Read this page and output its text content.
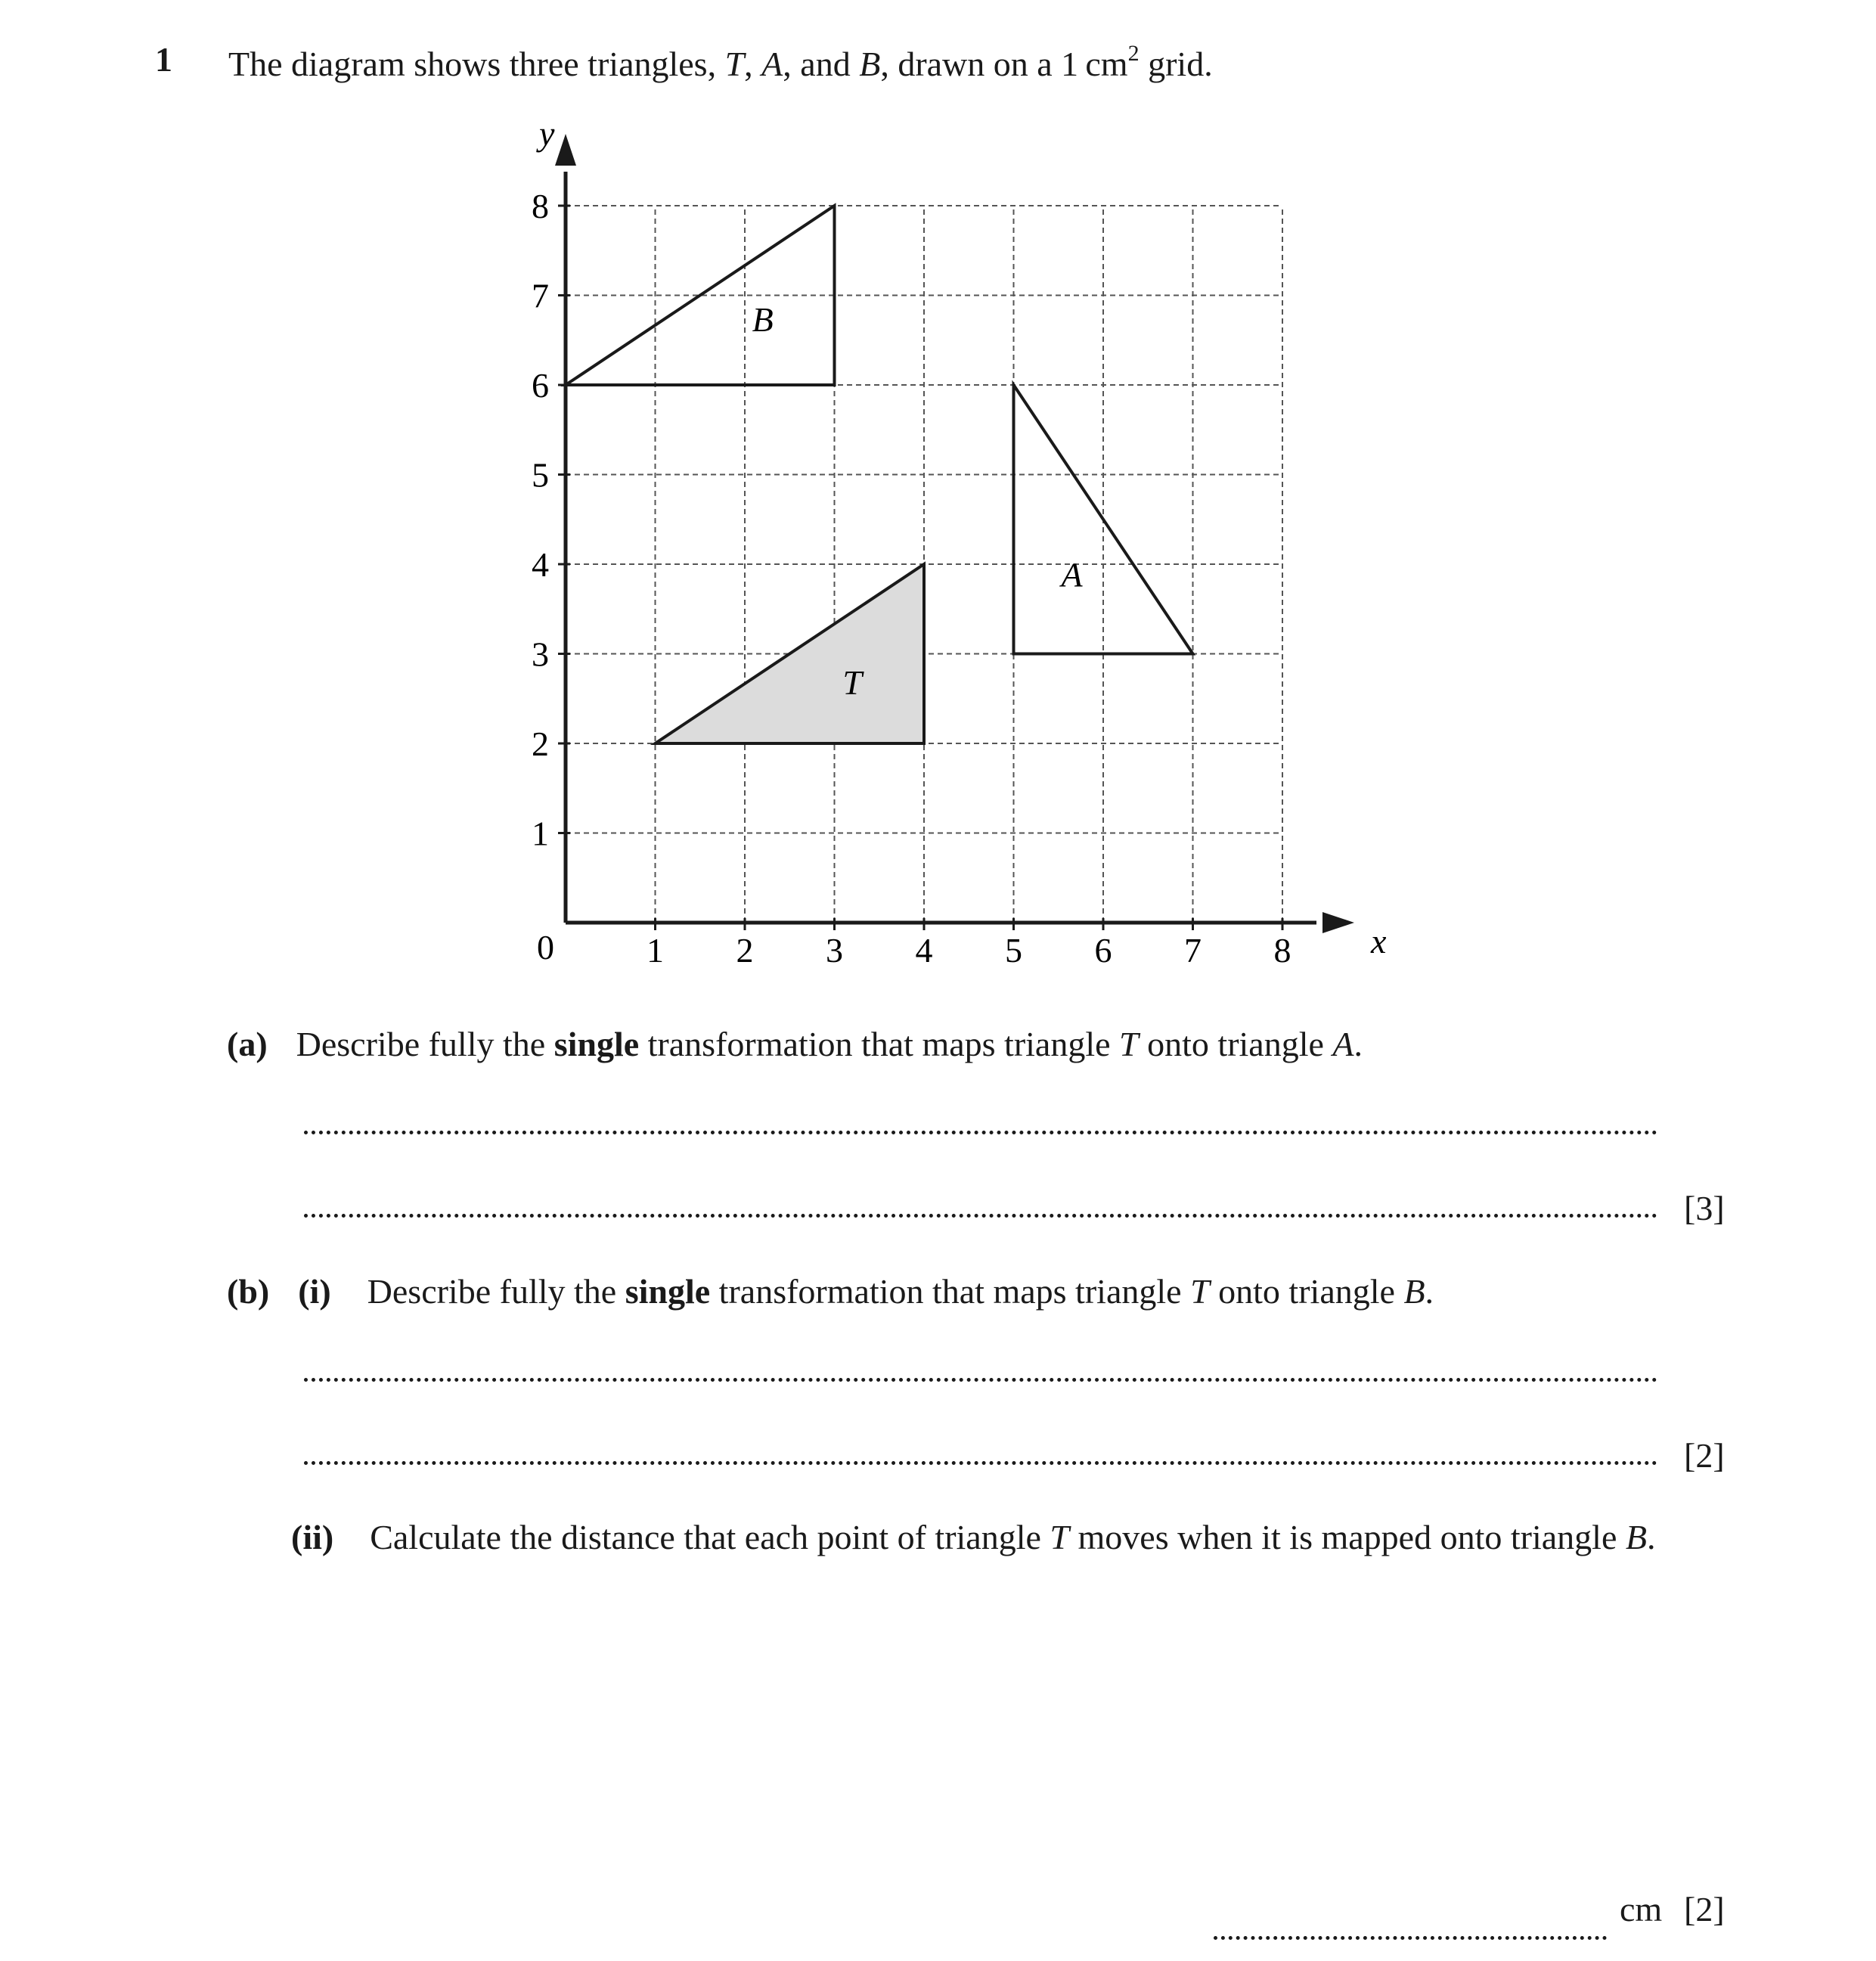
1 The diagram shows three triangles, T, A, and B, drawn on a 1 $cm^2$ grid.
B
A
T
x
y
0	1 2 3 4 5 6 7 8
1
2
3
4
5
6
7
8
(a) Describe fully the single transformation that maps triangle T onto triangle A.
[3]
(b) (i) Describe fully the single transformation that maps triangle T onto triangle B.
[2]
(ii) Calculate the distance that each point of triangle T moves when it is mapped onto triangle B.
cm [2]
